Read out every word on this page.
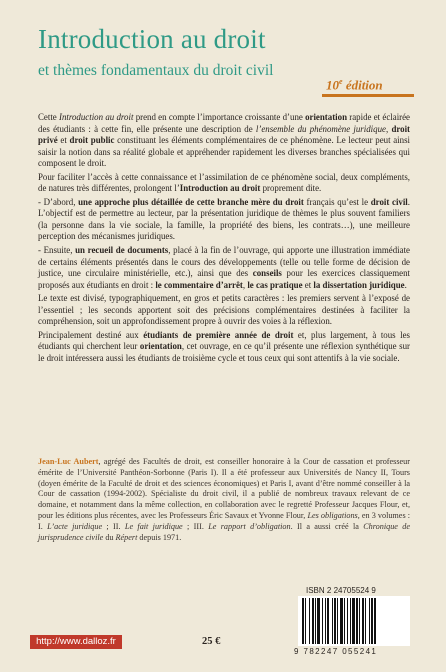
Introduction au droit
et thèmes fondamentaux du droit civil
10e édition

Cette Introduction au droit prend en compte l’importance croissante d’une orientation rapide et éclairée des étudiants : à cette fin, elle présente une description de l’ensemble du phénomène juridique, droit privé et droit public constituant les éléments complémentaires de ce phénomène. Le lecteur peut ainsi saisir la notion dans sa réalité globale et appréhender rapidement les diverses branches spécialisées qui composent le droit.

Pour faciliter l’accès à cette connaissance et l’assimilation de ce phénomène social, deux compléments, de natures très différentes, prolongent l’Introduction au droit proprement dite.

- D’abord, une approche plus détaillée de cette branche mère du droit français qu’est le droit civil. L’objectif est de permettre au lecteur, par la présentation juridique de thèmes le plus souvent familiers (la personne dans la vie sociale, la famille, la propriété des biens, les contrats…), une meilleure perception des mécanismes juridiques.

- Ensuite, un recueil de documents, placé à la fin de l’ouvrage, qui apporte une illustration immédiate de certains éléments présentés dans le cours des développements (telle ou telle forme de décision de justice, une circulaire ministérielle, etc.), ainsi que des conseils pour les exercices classiquement proposés aux étudiants en droit : le commentaire d’arrêt, le cas pratique et la dissertation juridique.

Le texte est divisé, typographiquement, en gros et petits caractères : les premiers servent à l’exposé de l’essentiel ; les seconds apportent soit des précisions complémentaires destinées à faciliter la compréhension, soit un approfondissement propre à ouvrir des voies à la réflexion.

Principalement destiné aux étudiants de première année de droit et, plus largement, à tous les étudiants qui cherchent leur orientation, cet ouvrage, en ce qu’il présente une réflexion synthétique sur le droit intéressera aussi les étudiants de troisième cycle et tous ceux qui sont attentifs à la vie sociale.

Jean-Luc Aubert, agrégé des Facultés de droit, est conseiller honoraire à la Cour de cassation et professeur émérite de l’Université Panthéon-Sorbonne (Paris I). Il a été professeur aux Universités de Nancy II, Tours (doyen émérite de la Faculté de droit et des sciences économiques) et Paris I, avant d’être nommé conseiller à la Cour de cassation (1994-2002). Spécialiste du droit civil, il a publié de nombreux travaux relevant de ce domaine, et notamment dans la même collection, en collaboration avec le regretté Professeur Jacques Flour, et, pour les éditions plus récentes, avec les Professeurs Éric Savaux et Yvonne Flour, Les obligations, en 3 volumes : I. L’acte juridique ; II. Le fait juridique ; III. Le rapport d’obligation. Il a aussi créé la Chronique de jurisprudence civile du Répert depuis 1971.
ISBN 2 24705524 9
9 782247 055241
http://www.dalloz.fr	25 €
